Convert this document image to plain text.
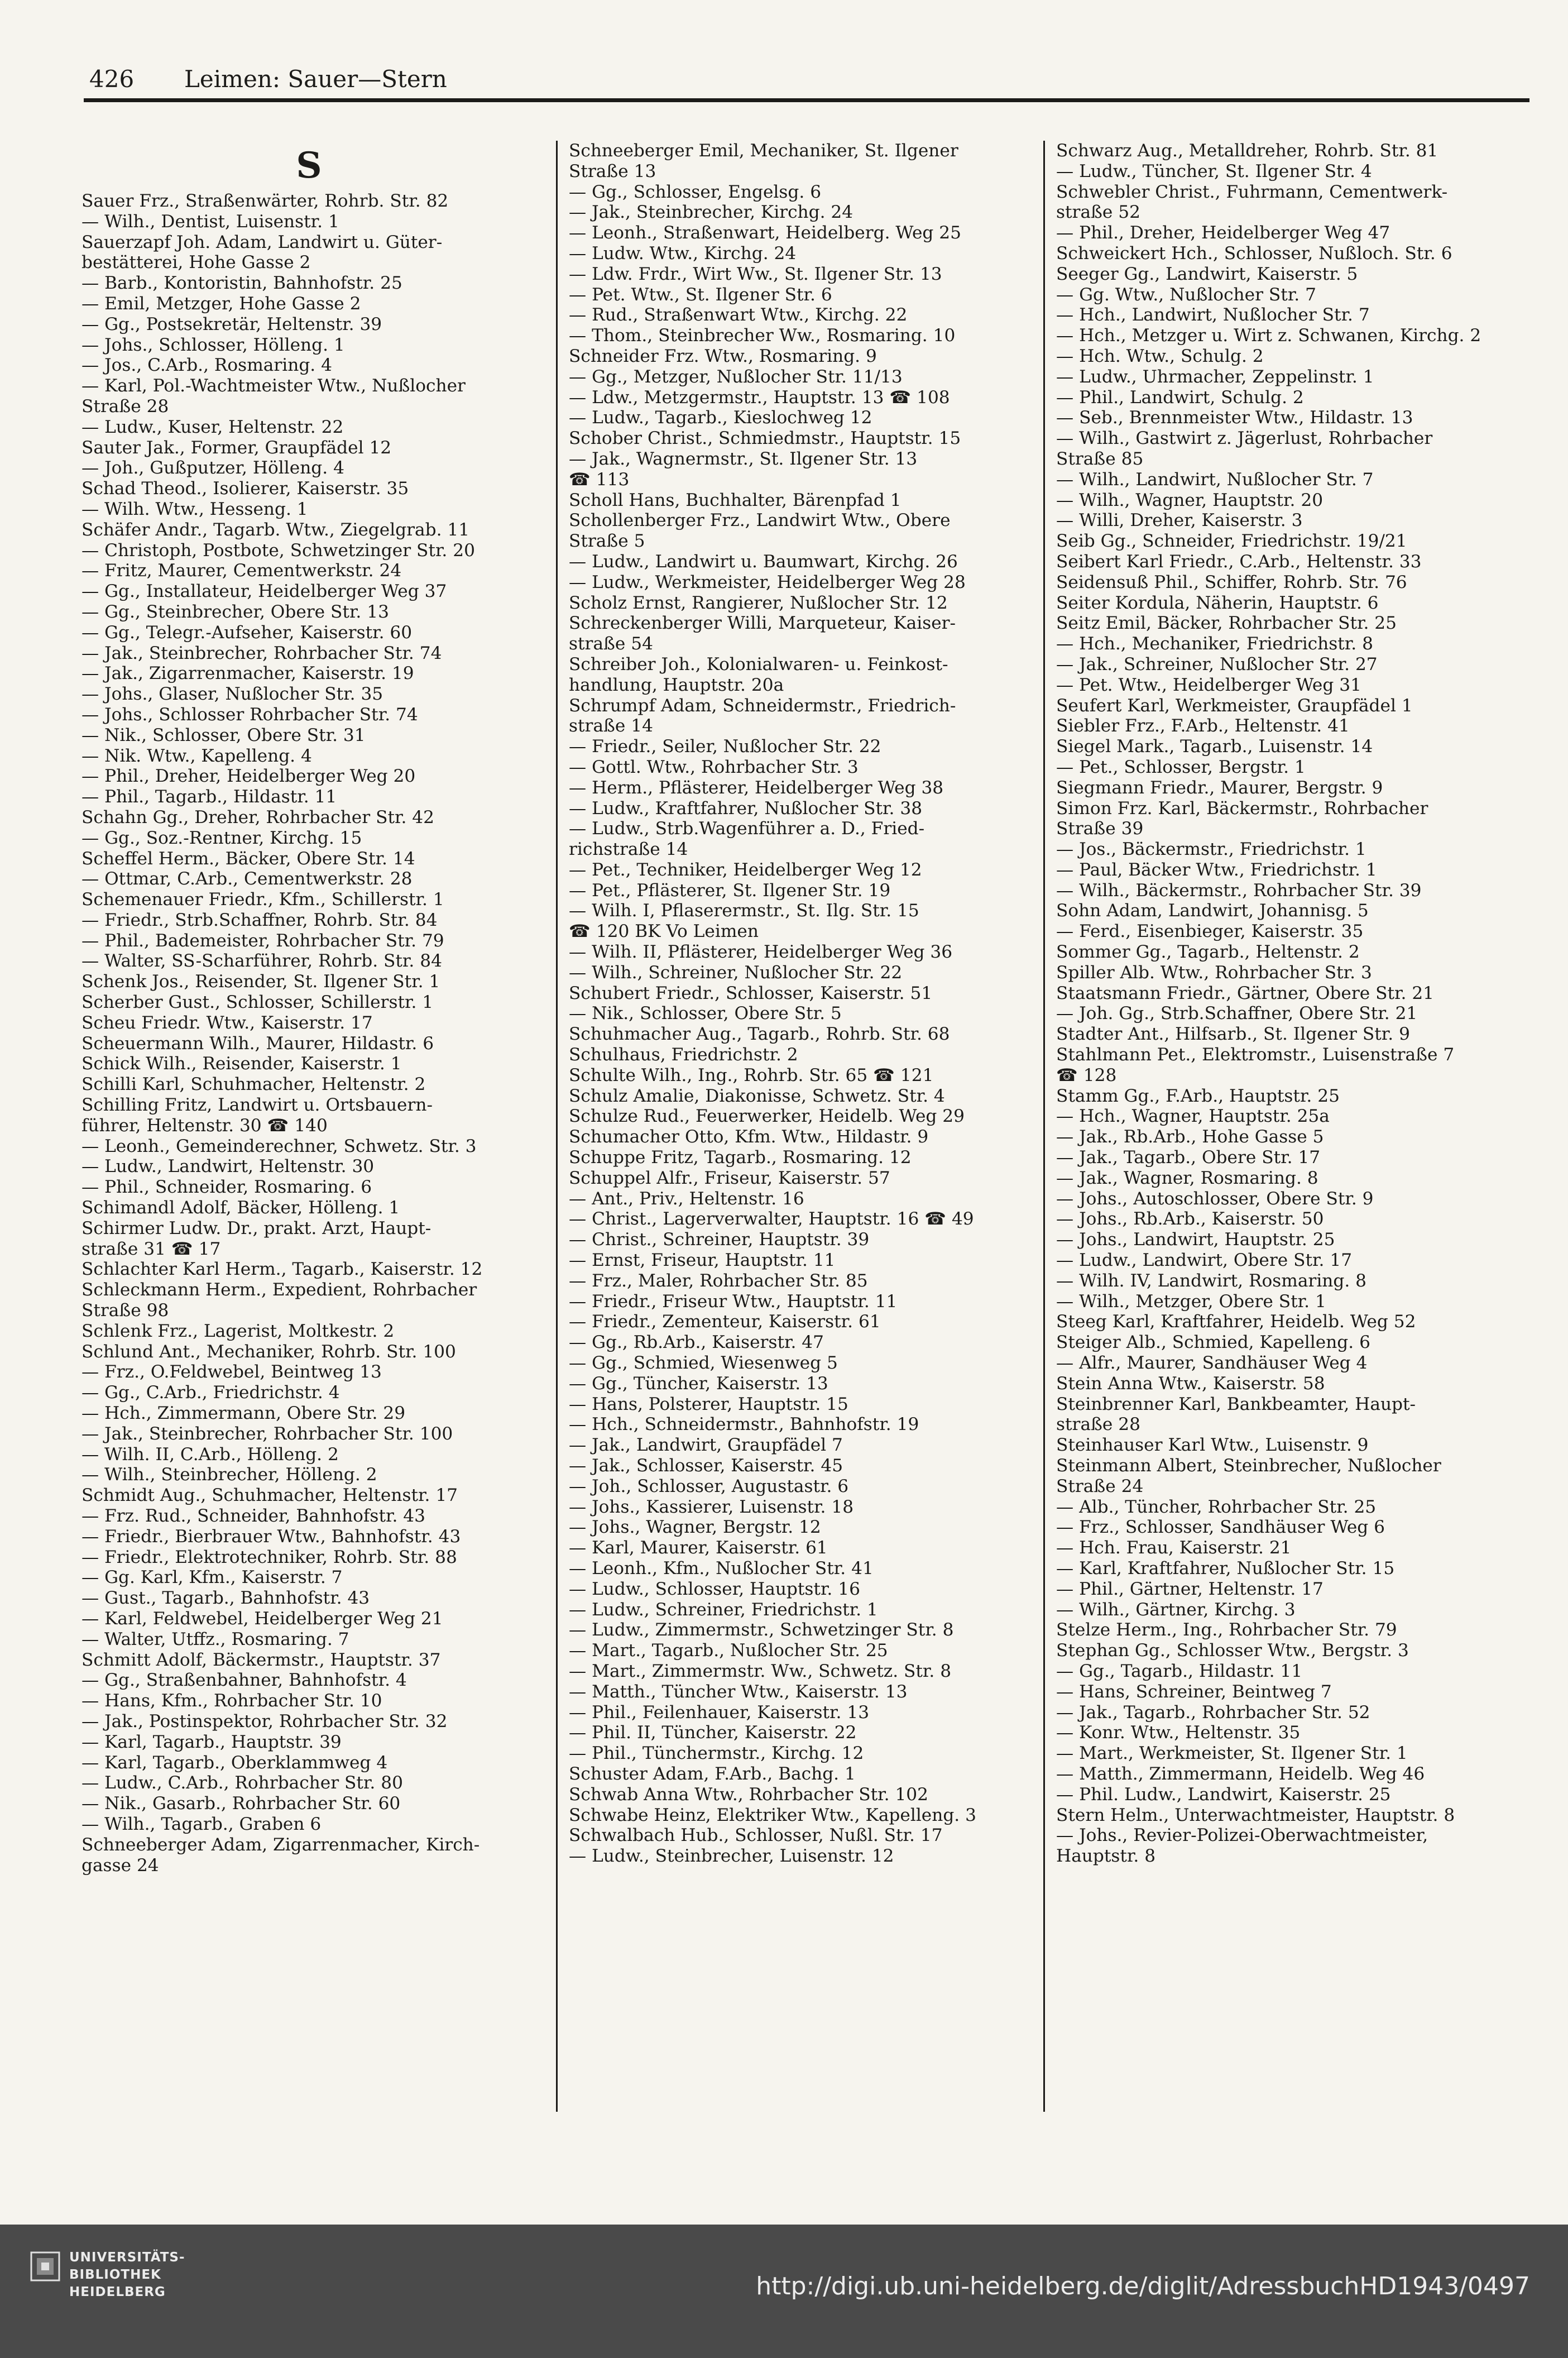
426 Leimen: Sauer—Stern
S
Sauer Frz., Straßenwärter, Rohrb. Str. 82
— Wilh., Dentist, Luisenstr. 1
Sauerzapf Joh. Adam, Landwirt u. Güter-
bestätterei, Hohe Gasse 2
— Barb., Kontoristin, Bahnhofstr. 25
— Emil, Metzger, Hohe Gasse 2
— Gg., Postsekretär, Heltenstr. 39
— Johs., Schlosser, Hölleng. 1
— Jos., C.Arb., Rosmaring. 4
— Karl, Pol.-Wachtmeister Wtw., Nußlocher
Straße 28
— Ludw., Kuser, Heltenstr. 22
Sauter Jak., Former, Graupfädel 12
— Joh., Gußputzer, Hölleng. 4
Schad Theod., Isolierer, Kaiserstr. 35
— Wilh. Wtw., Hesseng. 1
Schäfer Andr., Tagarb. Wtw., Ziegelgrab. 11
— Christoph, Postbote, Schwetzinger Str. 20
— Fritz, Maurer, Cementwerkstr. 24
— Gg., Installateur, Heidelberger Weg 37
— Gg., Steinbrecher, Obere Str. 13
— Gg., Telegr.-Aufseher, Kaiserstr. 60
— Jak., Steinbrecher, Rohrbacher Str. 74
— Jak., Zigarrenmacher, Kaiserstr. 19
— Johs., Glaser, Nußlocher Str. 35
— Johs., Schlosser Rohrbacher Str. 74
— Nik., Schlosser, Obere Str. 31
— Nik. Wtw., Kapelleng. 4
— Phil., Dreher, Heidelberger Weg 20
— Phil., Tagarb., Hildastr. 11
Schahn Gg., Dreher, Rohrbacher Str. 42
— Gg., Soz.-Rentner, Kirchg. 15
Scheffel Herm., Bäcker, Obere Str. 14
— Ottmar, C.Arb., Cementwerkstr. 28
Schemenauer Friedr., Kfm., Schillerstr. 1
— Friedr., Strb.Schaffner, Rohrb. Str. 84
— Phil., Bademeister, Rohrbacher Str. 79
— Walter, SS-Scharführer, Rohrb. Str. 84
Schenk Jos., Reisender, St. Ilgener Str. 1
Scherber Gust., Schlosser, Schillerstr. 1
Scheu Friedr. Wtw., Kaiserstr. 17
Scheuermann Wilh., Maurer, Hildastr. 6
Schick Wilh., Reisender, Kaiserstr. 1
Schilli Karl, Schuhmacher, Heltenstr. 2
Schilling Fritz, Landwirt u. Ortsbauern-
führer, Heltenstr. 30 ☎ 140
— Leonh., Gemeinderechner, Schwetz. Str. 3
— Ludw., Landwirt, Heltenstr. 30
— Phil., Schneider, Rosmaring. 6
Schimandl Adolf, Bäcker, Hölleng. 1
Schirmer Ludw. Dr., prakt. Arzt, Haupt-
straße 31 ☎ 17
Schlachter Karl Herm., Tagarb., Kaiserstr. 12
Schleckmann Herm., Expedient, Rohrbacher
Straße 98
Schlenk Frz., Lagerist, Moltkestr. 2
Schlund Ant., Mechaniker, Rohrb. Str. 100
— Frz., O.Feldwebel, Beintweg 13
— Gg., C.Arb., Friedrichstr. 4
— Hch., Zimmermann, Obere Str. 29
— Jak., Steinbrecher, Rohrbacher Str. 100
— Wilh. II, C.Arb., Hölleng. 2
— Wilh., Steinbrecher, Hölleng. 2
Schmidt Aug., Schuhmacher, Heltenstr. 17
— Frz. Rud., Schneider, Bahnhofstr. 43
— Friedr., Bierbrauer Wtw., Bahnhofstr. 43
— Friedr., Elektrotechniker, Rohrb. Str. 88
— Gg. Karl, Kfm., Kaiserstr. 7
— Gust., Tagarb., Bahnhofstr. 43
— Karl, Feldwebel, Heidelberger Weg 21
— Walter, Utffz., Rosmaring. 7
Schmitt Adolf, Bäckermstr., Hauptstr. 37
— Gg., Straßenbahner, Bahnhofstr. 4
— Hans, Kfm., Rohrbacher Str. 10
— Jak., Postinspektor, Rohrbacher Str. 32
— Karl, Tagarb., Hauptstr. 39
— Karl, Tagarb., Oberklammweg 4
— Ludw., C.Arb., Rohrbacher Str. 80
— Nik., Gasarb., Rohrbacher Str. 60
— Wilh., Tagarb., Graben 6
Schneeberger Adam, Zigarrenmacher, Kirch-
gasse 24
Schneeberger Emil, Mechaniker, St. Ilgener
Straße 13
— Gg., Schlosser, Engelsg. 6
— Jak., Steinbrecher, Kirchg. 24
— Leonh., Straßenwart, Heidelberg. Weg 25
— Ludw. Wtw., Kirchg. 24
— Ldw. Frdr., Wirt Ww., St. Ilgener Str. 13
— Pet. Wtw., St. Ilgener Str. 6
— Rud., Straßenwart Wtw., Kirchg. 22
— Thom., Steinbrecher Ww., Rosmaring. 10
Schneider Frz. Wtw., Rosmaring. 9
— Gg., Metzger, Nußlocher Str. 11/13
— Ldw., Metzgermstr., Hauptstr. 13 ☎ 108
— Ludw., Tagarb., Kieslochweg 12
Schober Christ., Schmiedmstr., Hauptstr. 15
— Jak., Wagnermstr., St. Ilgener Str. 13
☎ 113
Scholl Hans, Buchhalter, Bärenpfad 1
Schollenberger Frz., Landwirt Wtw., Obere
Straße 5
— Ludw., Landwirt u. Baumwart, Kirchg. 26
— Ludw., Werkmeister, Heidelberger Weg 28
Scholz Ernst, Rangierer, Nußlocher Str. 12
Schreckenberger Willi, Marqueteur, Kaiser-
straße 54
Schreiber Joh., Kolonialwaren- u. Feinkost-
handlung, Hauptstr. 20a
Schrumpf Adam, Schneidermstr., Friedrich-
straße 14
— Friedr., Seiler, Nußlocher Str. 22
— Gottl. Wtw., Rohrbacher Str. 3
— Herm., Pflästerer, Heidelberger Weg 38
— Ludw., Kraftfahrer, Nußlocher Str. 38
— Ludw., Strb.Wagenführer a. D., Fried-
richstraße 14
— Pet., Techniker, Heidelberger Weg 12
— Pet., Pflästerer, St. Ilgener Str. 19
— Wilh. I, Pflaserermstr., St. Ilg. Str. 15
☎ 120 BK Vo Leimen
— Wilh. II, Pflästerer, Heidelberger Weg 36
— Wilh., Schreiner, Nußlocher Str. 22
Schubert Friedr., Schlosser, Kaiserstr. 51
— Nik., Schlosser, Obere Str. 5
Schuhmacher Aug., Tagarb., Rohrb. Str. 68
Schulhaus, Friedrichstr. 2
Schulte Wilh., Ing., Rohrb. Str. 65 ☎ 121
Schulz Amalie, Diakonisse, Schwetz. Str. 4
Schulze Rud., Feuerwerker, Heidelb. Weg 29
Schumacher Otto, Kfm. Wtw., Hildastr. 9
Schuppe Fritz, Tagarb., Rosmaring. 12
Schuppel Alfr., Friseur, Kaiserstr. 57
— Ant., Priv., Heltenstr. 16
— Christ., Lagerverwalter, Hauptstr. 16 ☎ 49
— Christ., Schreiner, Hauptstr. 39
— Ernst, Friseur, Hauptstr. 11
— Frz., Maler, Rohrbacher Str. 85
— Friedr., Friseur Wtw., Hauptstr. 11
— Friedr., Zementeur, Kaiserstr. 61
— Gg., Rb.Arb., Kaiserstr. 47
— Gg., Schmied, Wiesenweg 5
— Gg., Tüncher, Kaiserstr. 13
— Hans, Polsterer, Hauptstr. 15
— Hch., Schneidermstr., Bahnhofstr. 19
— Jak., Landwirt, Graupfädel 7
— Jak., Schlosser, Kaiserstr. 45
— Joh., Schlosser, Augustastr. 6
— Johs., Kassierer, Luisenstr. 18
— Johs., Wagner, Bergstr. 12
— Karl, Maurer, Kaiserstr. 61
— Leonh., Kfm., Nußlocher Str. 41
— Ludw., Schlosser, Hauptstr. 16
— Ludw., Schreiner, Friedrichstr. 1
— Ludw., Zimmermstr., Schwetzinger Str. 8
— Mart., Tagarb., Nußlocher Str. 25
— Mart., Zimmermstr. Ww., Schwetz. Str. 8
— Matth., Tüncher Wtw., Kaiserstr. 13
— Phil., Feilenhauer, Kaiserstr. 13
— Phil. II, Tüncher, Kaiserstr. 22
— Phil., Tünchermstr., Kirchg. 12
Schuster Adam, F.Arb., Bachg. 1
Schwab Anna Wtw., Rohrbacher Str. 102
Schwabe Heinz, Elektriker Wtw., Kapelleng. 3
Schwalbach Hub., Schlosser, Nußl. Str. 17
— Ludw., Steinbrecher, Luisenstr. 12
Schwarz Aug., Metalldreher, Rohrb. Str. 81
— Ludw., Tüncher, St. Ilgener Str. 4
Schwebler Christ., Fuhrmann, Cementwerk-
straße 52
— Phil., Dreher, Heidelberger Weg 47
Schweickert Hch., Schlosser, Nußloch. Str. 6
Seeger Gg., Landwirt, Kaiserstr. 5
— Gg. Wtw., Nußlocher Str. 7
— Hch., Landwirt, Nußlocher Str. 7
— Hch., Metzger u. Wirt z. Schwanen, Kirchg. 2
— Hch. Wtw., Schulg. 2
— Ludw., Uhrmacher, Zeppelinstr. 1
— Phil., Landwirt, Schulg. 2
— Seb., Brennmeister Wtw., Hildastr. 13
— Wilh., Gastwirt z. Jägerlust, Rohrbacher
Straße 85
— Wilh., Landwirt, Nußlocher Str. 7
— Wilh., Wagner, Hauptstr. 20
— Willi, Dreher, Kaiserstr. 3
Seib Gg., Schneider, Friedrichstr. 19/21
Seibert Karl Friedr., C.Arb., Heltenstr. 33
Seidensuß Phil., Schiffer, Rohrb. Str. 76
Seiter Kordula, Näherin, Hauptstr. 6
Seitz Emil, Bäcker, Rohrbacher Str. 25
— Hch., Mechaniker, Friedrichstr. 8
— Jak., Schreiner, Nußlocher Str. 27
— Pet. Wtw., Heidelberger Weg 31
Seufert Karl, Werkmeister, Graupfädel 1
Siebler Frz., F.Arb., Heltenstr. 41
Siegel Mark., Tagarb., Luisenstr. 14
— Pet., Schlosser, Bergstr. 1
Siegmann Friedr., Maurer, Bergstr. 9
Simon Frz. Karl, Bäckermstr., Rohrbacher
Straße 39
— Jos., Bäckermstr., Friedrichstr. 1
— Paul, Bäcker Wtw., Friedrichstr. 1
— Wilh., Bäckermstr., Rohrbacher Str. 39
Sohn Adam, Landwirt, Johannisg. 5
— Ferd., Eisenbieger, Kaiserstr. 35
Sommer Gg., Tagarb., Heltenstr. 2
Spiller Alb. Wtw., Rohrbacher Str. 3
Staatsmann Friedr., Gärtner, Obere Str. 21
— Joh. Gg., Strb.Schaffner, Obere Str. 21
Stadter Ant., Hilfsarb., St. Ilgener Str. 9
Stahlmann Pet., Elektromstr., Luisenstraße 7
☎ 128
Stamm Gg., F.Arb., Hauptstr. 25
— Hch., Wagner, Hauptstr. 25a
— Jak., Rb.Arb., Hohe Gasse 5
— Jak., Tagarb., Obere Str. 17
— Jak., Wagner, Rosmaring. 8
— Johs., Autoschlosser, Obere Str. 9
— Johs., Rb.Arb., Kaiserstr. 50
— Johs., Landwirt, Hauptstr. 25
— Ludw., Landwirt, Obere Str. 17
— Wilh. IV, Landwirt, Rosmaring. 8
— Wilh., Metzger, Obere Str. 1
Steeg Karl, Kraftfahrer, Heidelb. Weg 52
Steiger Alb., Schmied, Kapelleng. 6
— Alfr., Maurer, Sandhäuser Weg 4
Stein Anna Wtw., Kaiserstr. 58
Steinbrenner Karl, Bankbeamter, Haupt-
straße 28
Steinhauser Karl Wtw., Luisenstr. 9
Steinmann Albert, Steinbrecher, Nußlocher
Straße 24
— Alb., Tüncher, Rohrbacher Str. 25
— Frz., Schlosser, Sandhäuser Weg 6
— Hch. Frau, Kaiserstr. 21
— Karl, Kraftfahrer, Nußlocher Str. 15
— Phil., Gärtner, Heltenstr. 17
— Wilh., Gärtner, Kirchg. 3
Stelze Herm., Ing., Rohrbacher Str. 79
Stephan Gg., Schlosser Wtw., Bergstr. 3
— Gg., Tagarb., Hildastr. 11
— Hans, Schreiner, Beintweg 7
— Jak., Tagarb., Rohrbacher Str. 52
— Konr. Wtw., Heltenstr. 35
— Mart., Werkmeister, St. Ilgener Str. 1
— Matth., Zimmermann, Heidelb. Weg 46
— Phil. Ludw., Landwirt, Kaiserstr. 25
Stern Helm., Unterwachtmeister, Hauptstr. 8
— Johs., Revier-Polizei-Oberwachtmeister,
Hauptstr. 8
UNIVERSITÄTS-
BIBLIOTHEK
HEIDELBERG	http://digi.ub.uni-heidelberg.de/diglit/AdressbuchHD1943/0497
